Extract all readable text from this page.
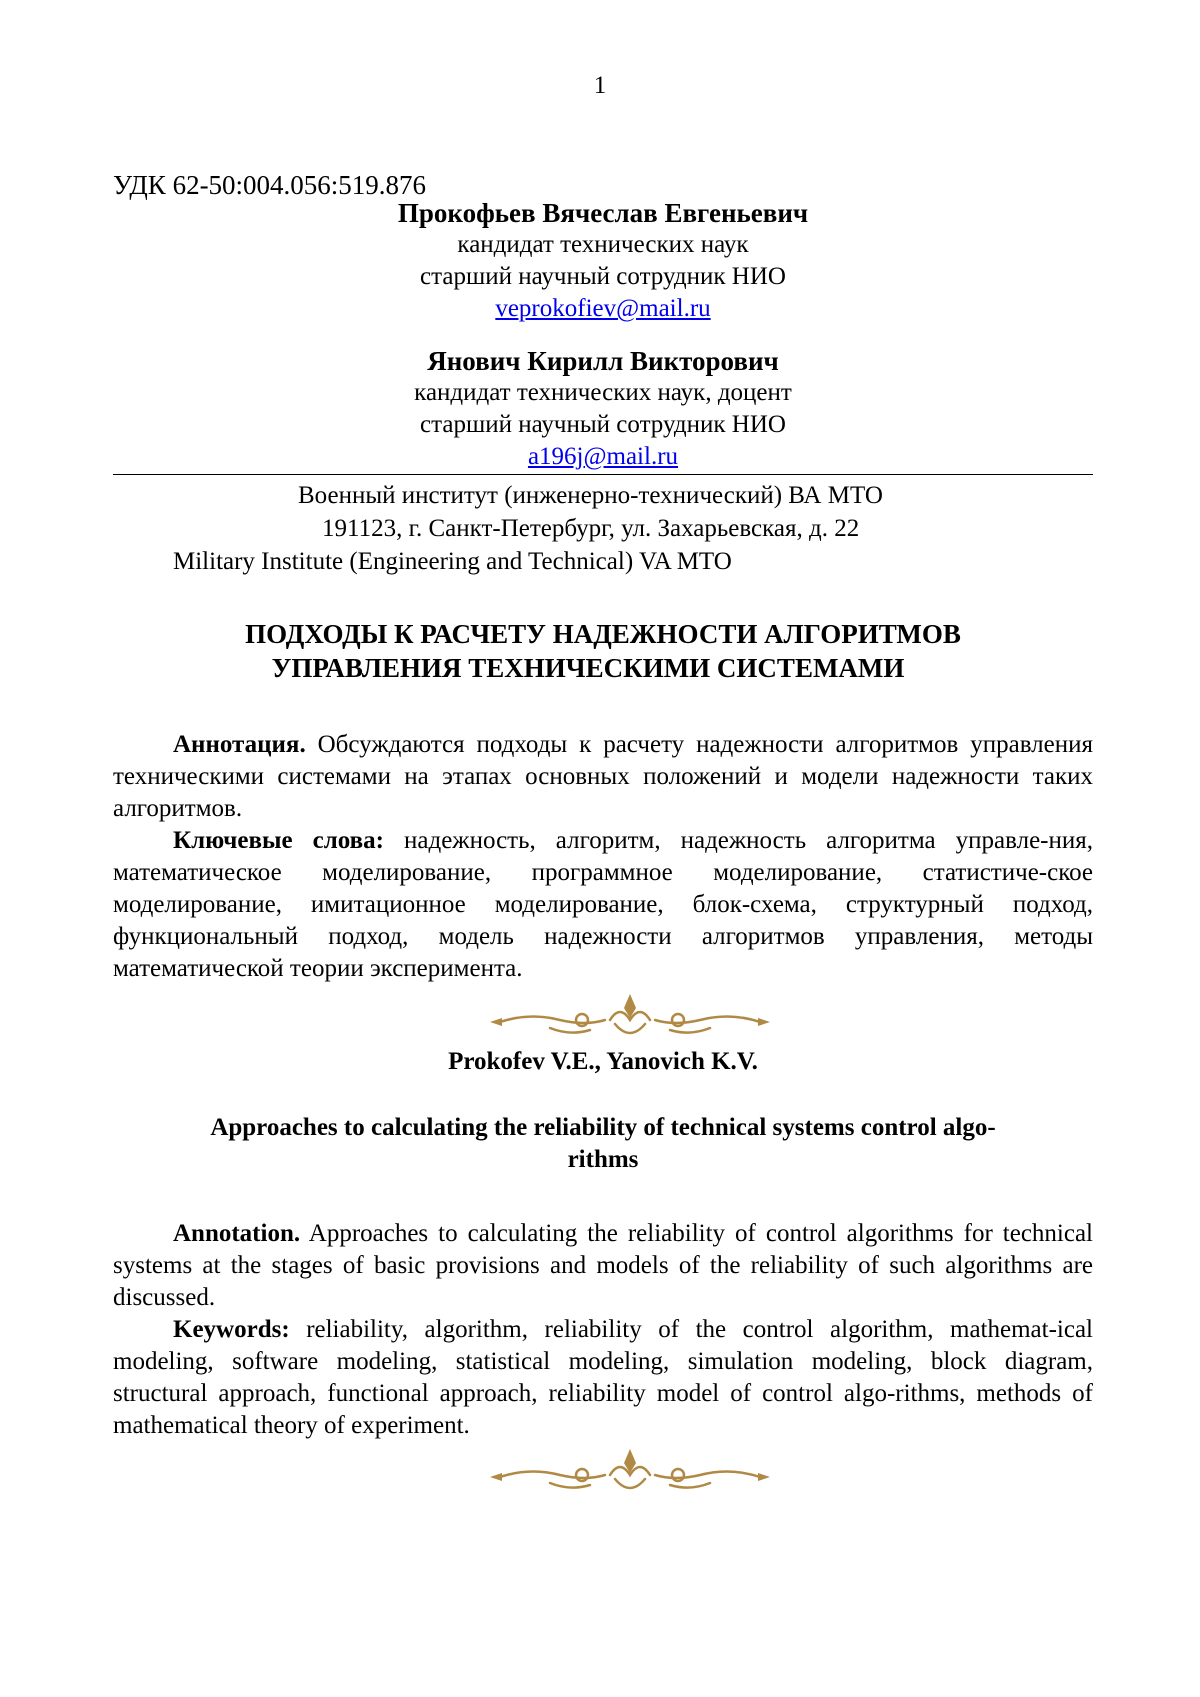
1
УДК 62-50:004.056:519.876
Прокофьев Вячеслав Евгеньевич
кандидат технических наук
старший научный сотрудник НИО
veprokofiev@mail.ru
Янович Кирилл Викторович
кандидат технических наук, доцент
старший научный сотрудник НИО
a196j@mail.ru
Военный институт (инженерно-технический) ВА МТО
191123, г. Санкт-Петербург, ул. Захарьевская, д. 22
Military Institute (Engineering and Technical) VA MTO
ПОДХОДЫ К РАСЧЕТУ НАДЕЖНОСТИ АЛГОРИТМОВ
УПРАВЛЕНИЯ ТЕХНИЧЕСКИМИ СИСТЕМАМИ
Аннотация. Обсуждаются подходы к расчету надежности алгоритмов управления техническими системами на этапах основных положений и модели надежности таких алгоритмов.
Ключевые слова: надежность, алгоритм, надежность алгоритма управле-ния, математическое моделирование, программное моделирование, статистиче-ское моделирование, имитационное моделирование, блок-схема, структурный подход, функциональный подход, модель надежности алгоритмов управления, методы математической теории эксперимента.
Prokofev V.E., Yanovich K.V.
Approaches to calculating the reliability of technical systems control algo-
rithms
Annotation. Approaches to calculating the reliability of control algorithms for technical systems at the stages of basic provisions and models of the reliability of such algorithms are discussed.
Keywords: reliability, algorithm, reliability of the control algorithm, mathemat-ical modeling, software modeling, statistical modeling, simulation modeling, block diagram, structural approach, functional approach, reliability model of control algo-rithms, methods of mathematical theory of experiment.
